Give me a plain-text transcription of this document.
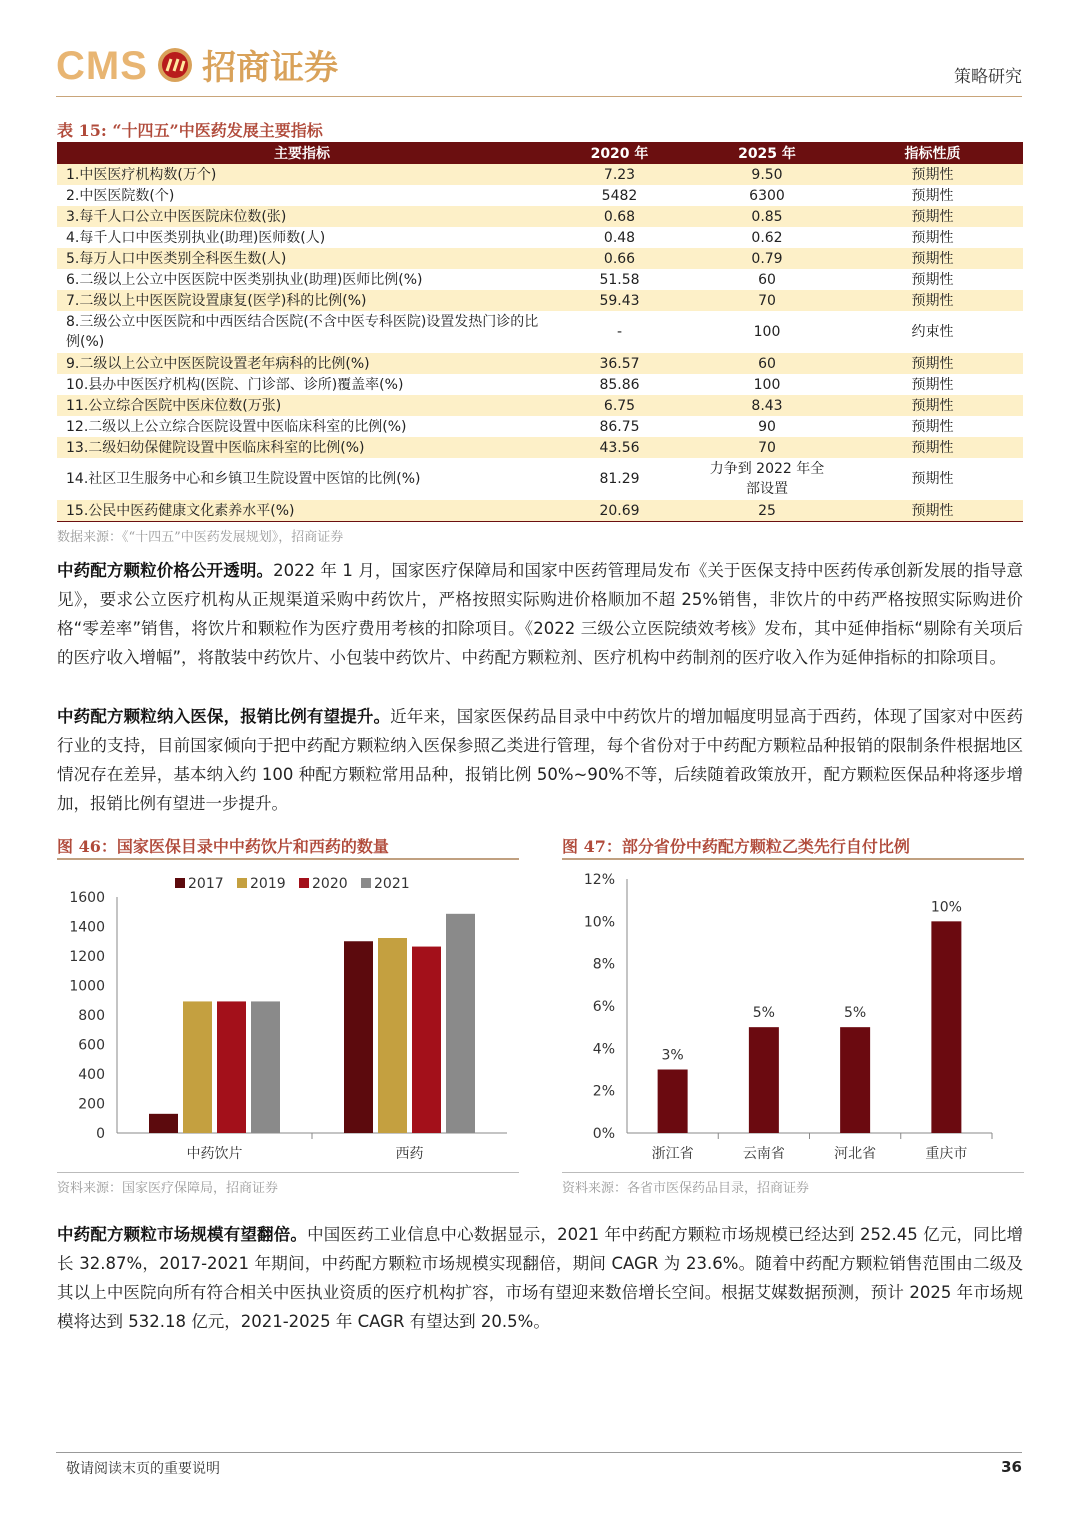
CMS 招商证券	策略研究
表 15: “十四五”中医药发展主要指标
主要指标	2020 年	2025 年	指标性质
1.中医医疗机构数(万个)	7.23	9.50	预期性
2.中医医院数(个)	5482	6300	预期性
3.每千人口公立中医医院床位数(张)	0.68	0.85	预期性
4.每千人口中医类别执业(助理)医师数(人)	0.48	0.62	预期性
5.每万人口中医类别全科医生数(人)	0.66	0.79	预期性
6.二级以上公立中医医院中医类别执业(助理)医师比例(%)	51.58	60	预期性
7.二级以上中医医院设置康复(医学)科的比例(%)	59.43	70	预期性
8.三级公立中医医院和中西医结合医院(不含中医专科医院)设置发热门诊的比例(%)	-	100	约束性
9.二级以上公立中医医院设置老年病科的比例(%)	36.57	60	预期性
10.县办中医医疗机构(医院、门诊部、诊所)覆盖率(%)	85.86	100	预期性
11.公立综合医院中医床位数(万张)	6.75	8.43	预期性
12.二级以上公立综合医院设置中医临床科室的比例(%)	86.75	90	预期性
13.二级妇幼保健院设置中医临床科室的比例(%)	43.56	70	预期性
14.社区卫生服务中心和乡镇卫生院设置中医馆的比例(%)	81.29	力争到 2022 年全部设置	预期性
15.公民中医药健康文化素养水平(%)	20.69	25	预期性
数据来源：《“十四五”中医药发展规划》，招商证券
中药配方颗粒价格公开透明。2022 年 1 月，国家医疗保障局和国家中医药管理局发布《关于医保支持中医药传承创新发展的指导意见》，要求公立医疗机构从正规渠道采购中药饮片，严格按照实际购进价格顺加不超 25%销售，非饮片的中药严格按照实际购进价格“零差率”销售，将饮片和颗粒作为医疗费用考核的扣除项目。《2022 三级公立医院绩效考核》发布，其中延伸指标“剔除有关项后的医疗收入增幅”，将散装中药饮片、小包装中药饮片、中药配方颗粒剂、医疗机构中药制剂的医疗收入作为延伸指标的扣除项目。
中药配方颗粒纳入医保，报销比例有望提升。近年来，国家医保药品目录中中药饮片的增加幅度明显高于西药，体现了国家对中医药行业的支持，目前国家倾向于把中药配方颗粒纳入医保参照乙类进行管理，每个省份对于中药配方颗粒品种报销的限制条件根据地区情况存在差异，基本纳入约 100 种配方颗粒常用品种，报销比例 50%~90%不等，后续随着政策放开，配方颗粒医保品种将逐步增加，报销比例有望进一步提升。
图 46：国家医保目录中中药饮片和西药的数量
2017 2019 2020 2021
0
200
400
600
800
1000
1200
1400
1600
中药饮片	西药
资料来源：国家医疗保障局，招商证券
图 47：部分省份中药配方颗粒乙类先行自付比例
0%
2%
4%
6%
8%
10%
12%
3%
浙江省
5%
云南省
5%
河北省
10%
重庆市
资料来源：各省市医保药品目录，招商证券
中药配方颗粒市场规模有望翻倍。中国医药工业信息中心数据显示，2021 年中药配方颗粒市场规模已经达到 252.45 亿元，同比增长 32.87%，2017-2021 年期间，中药配方颗粒市场规模实现翻倍，期间 CAGR 为 23.6%。随着中药配方颗粒销售范围由二级及其以上中医院向所有符合相关中医执业资质的医疗机构扩容，市场有望迎来数倍增长空间。根据艾媒数据预测，预计 2025 年市场规模将达到 532.18 亿元，2021-2025 年 CAGR 有望达到 20.5%。
敬请阅读末页的重要说明	36
